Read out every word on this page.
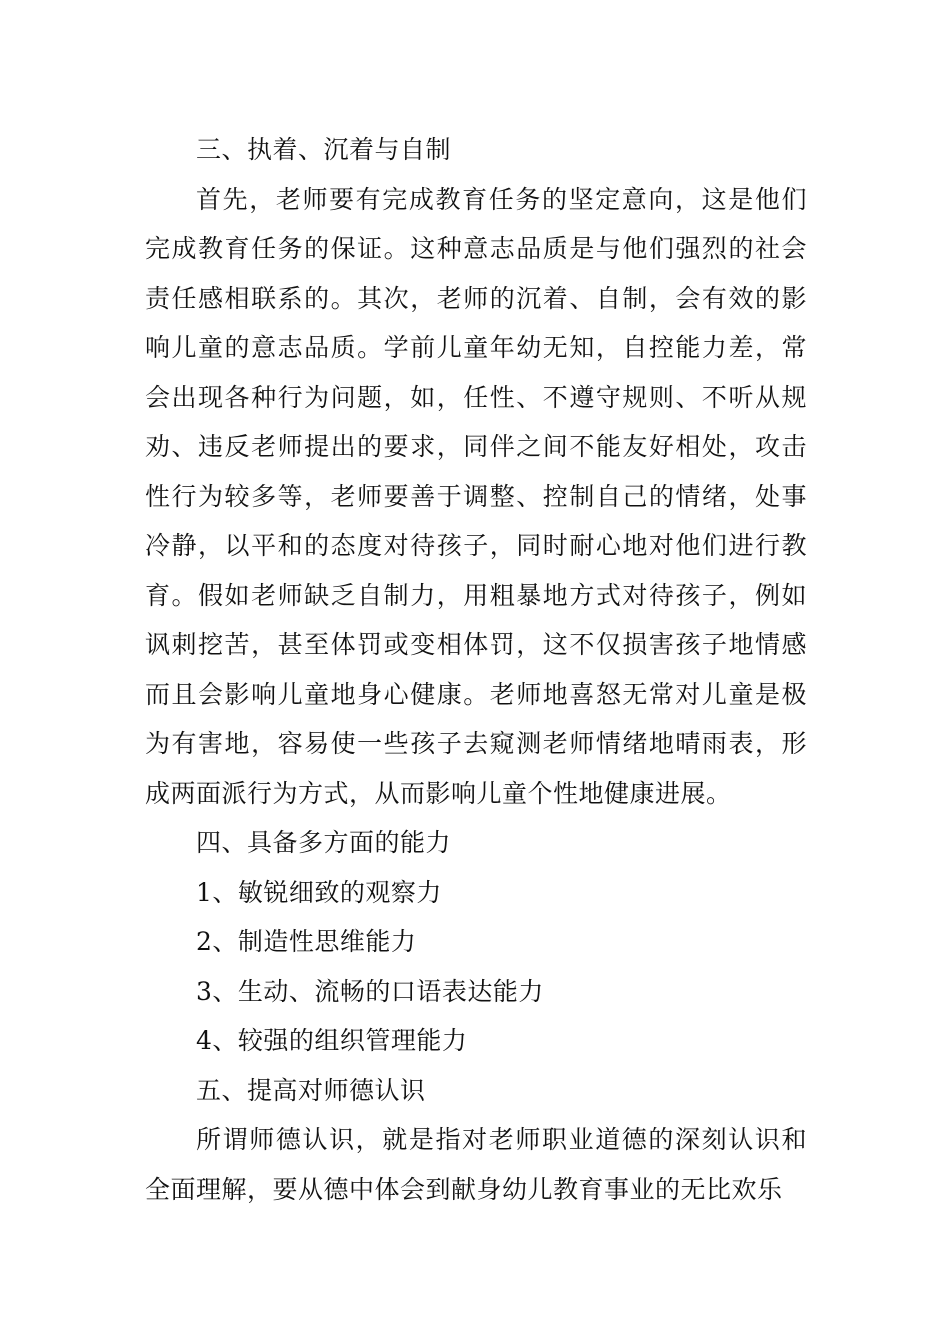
三、执着、沉着与自制

首先，老师要有完成教育任务的坚定意向，这是他们完成教育任务的保证。这种意志品质是与他们强烈的社会责任感相联系的。其次，老师的沉着、自制，会有效的影响儿童的意志品质。学前儿童年幼无知，自控能力差，常会出现各种行为问题，如，任性、不遵守规则、不听从规劝、违反老师提出的要求，同伴之间不能友好相处，攻击性行为较多等，老师要善于调整、控制自己的情绪，处事冷静，以平和的态度对待孩子，同时耐心地对他们进行教育。假如老师缺乏自制力，用粗暴地方式对待孩子，例如讽刺挖苦，甚至体罚或变相体罚，这不仅损害孩子地情感而且会影响儿童地身心健康。老师地喜怒无常对儿童是极为有害地，容易使一些孩子去窥测老师情绪地晴雨表，形成两面派行为方式，从而影响儿童个性地健康进展。

四、具备多方面的能力

1、敏锐细致的观察力

2、制造性思维能力

3、生动、流畅的口语表达能力

4、较强的组织管理能力

五、提高对师德认识

所谓师德认识，就是指对老师职业道德的深刻认识和全面理解，要从德中体会到献身幼儿教育事业的无比欢乐
